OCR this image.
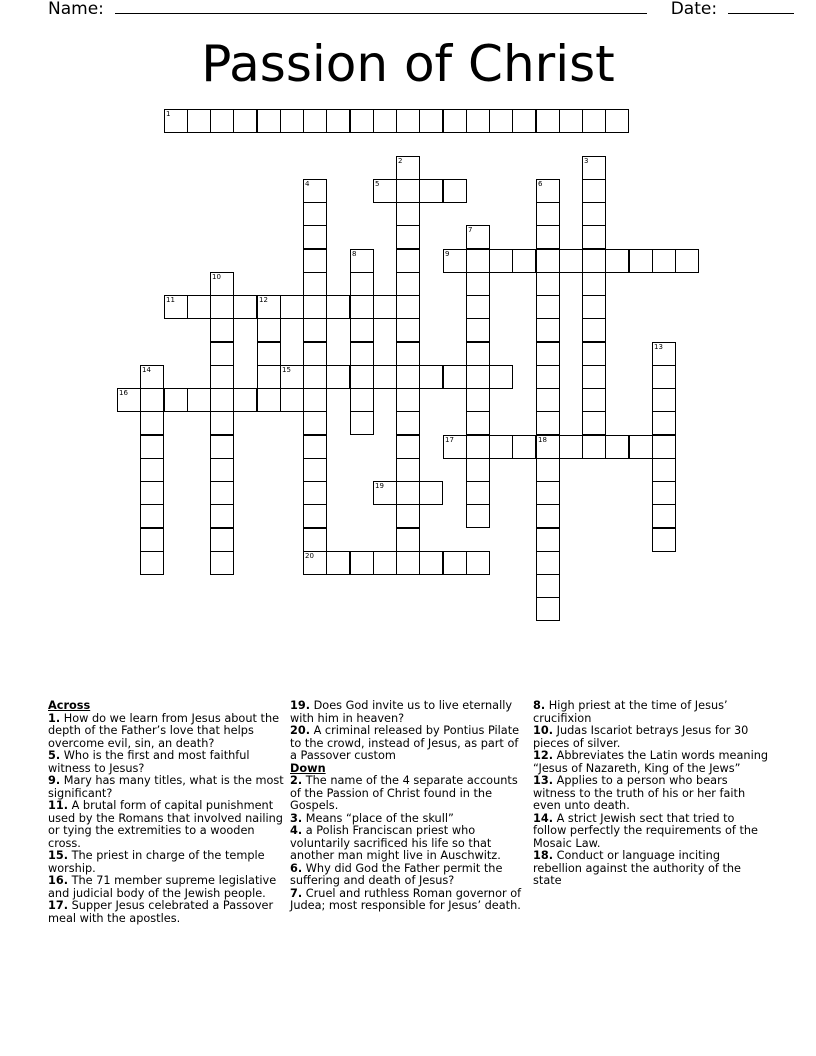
Name:	Date:
Passion of Christ
1
2	3
4	5	6
7
8	9
10
11	12
13
14	15
16
17	18
19
20
Across
1. How do we learn from Jesus about the depth of the Father’s love that helps overcome evil, sin, an death?
5. Who is the first and most faithful witness to Jesus?
9. Mary has many titles, what is the most significant?
11. A brutal form of capital punishment used by the Romans that involved nailing or tying the extremities to a wooden cross.
15. The priest in charge of the temple worship.
16. The 71 member supreme legislative and judicial body of the Jewish people.
17. Supper Jesus celebrated a Passover meal with the apostles.
19. Does God invite us to live eternally with him in heaven?
20. A criminal released by Pontius Pilate to the crowd, instead of Jesus, as part of a Passover custom
Down
2. The name of the 4 separate accounts of the Passion of Christ found in the Gospels.
3. Means “place of the skull”
4. a Polish Franciscan priest who voluntarily sacrificed his life so that another man might live in Auschwitz.
6. Why did God the Father permit the suffering and death of Jesus?
7. Cruel and ruthless Roman governor of Judea; most responsible for Jesus’ death.
8. High priest at the time of Jesus’ crucifixion
10. Judas Iscariot betrays Jesus for 30 pieces of silver.
12. Abbreviates the Latin words meaning “Jesus of Nazareth, King of the Jews”
13. Applies to a person who bears witness to the truth of his or her faith even unto death.
14. A strict Jewish sect that tried to follow perfectly the requirements of the Mosaic Law.
18. Conduct or language inciting rebellion against the authority of the state
